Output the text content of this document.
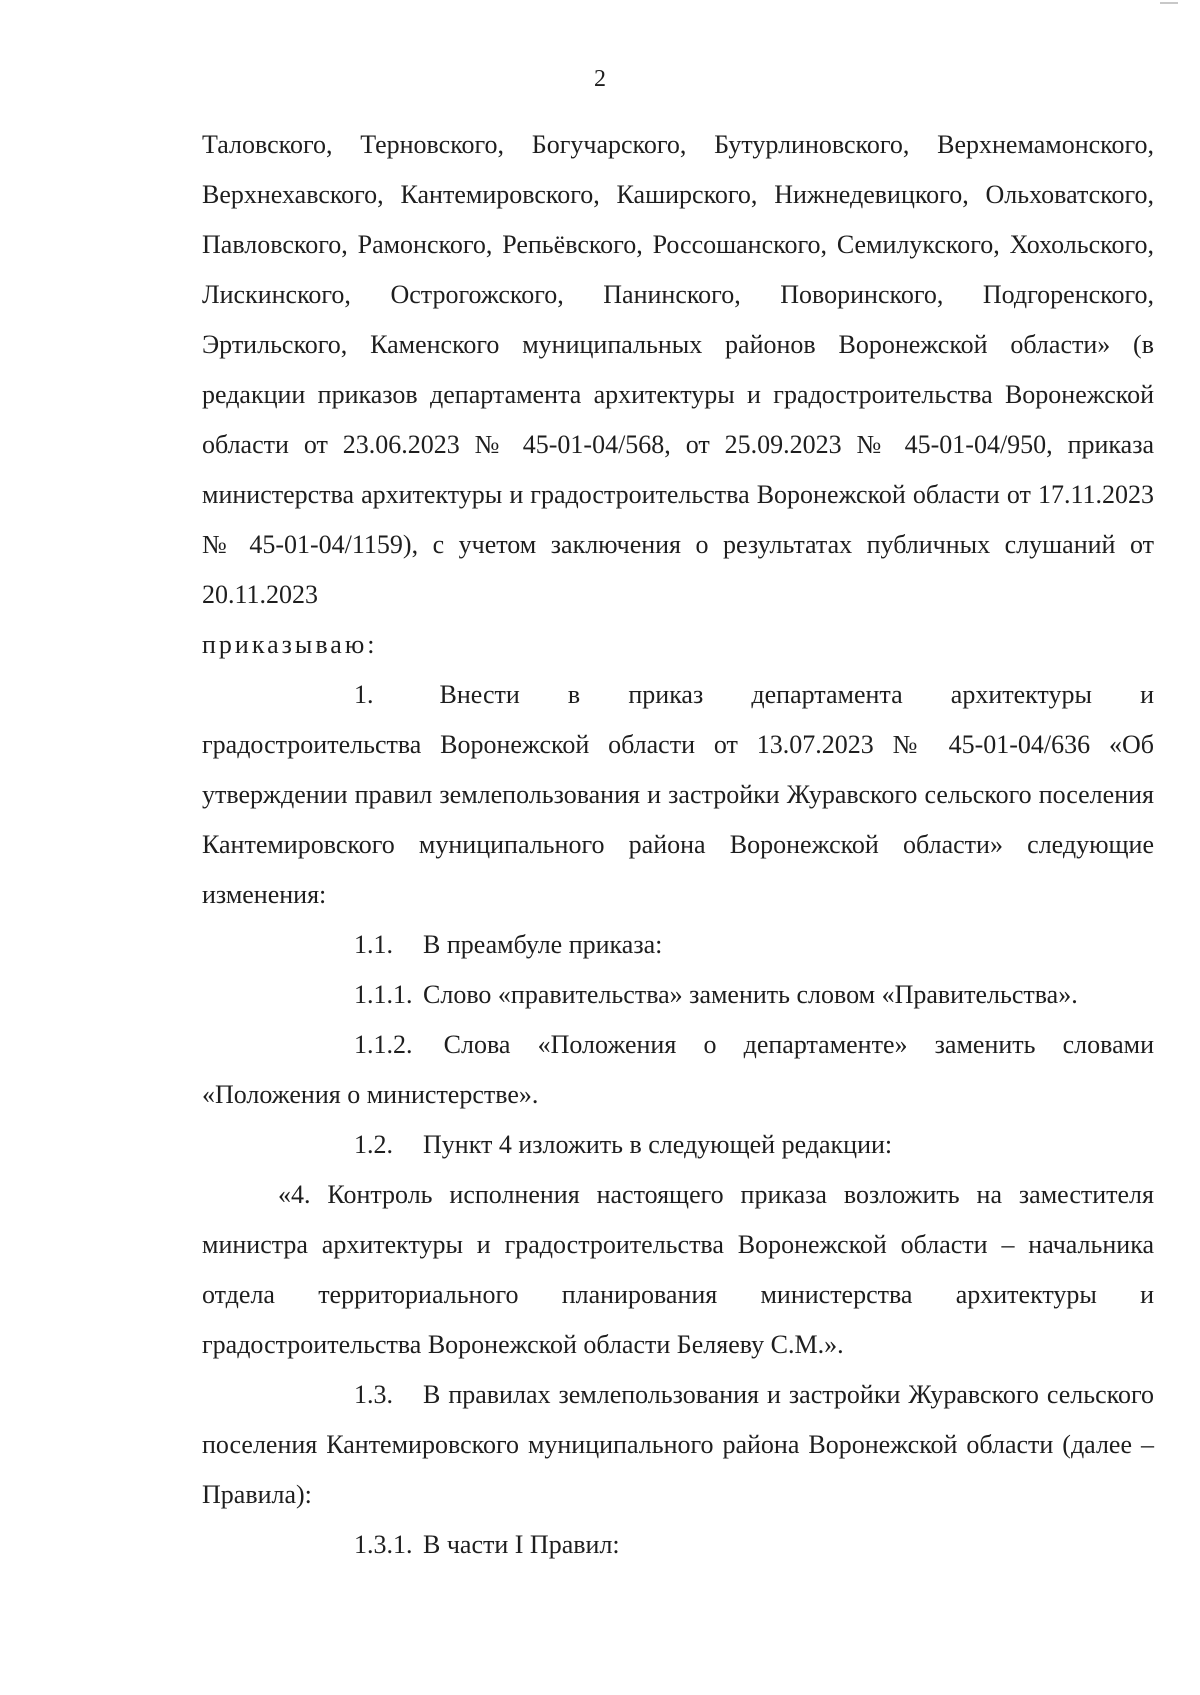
2

Таловского, Терновского, Богучарского, Бутурлиновского, Верхнемамонского, Верхнехавского, Кантемировского, Каширского, Нижнедевицкого, Ольховатского, Павловского, Рамонского, Репьёвского, Россошанского, Семилукского, Хохольского, Лискинского, Острогожского, Панинского, Поворинского, Подгоренского, Эртильского, Каменского муниципальных районов Воронежской области» (в редакции приказов департамента архитектуры и градостроительства Воронежской области от 23.06.2023 № 45-01-04/568, от 25.09.2023 № 45-01-04/950, приказа министерства архитектуры и градостроительства Воронежской области от 17.11.2023 № 45-01-04/1159), с учетом заключения о результатах публичных слушаний от 20.11.2023

приказываю:

1.	Внести в приказ департамента архитектуры и градостроительства Воронежской области от 13.07.2023 № 45-01-04/636 «Об утверждении правил землепользования и застройки Журавского сельского поселения Кантемировского муниципального района Воронежской области» следующие изменения:

1.1. В преамбуле приказа:

1.1.1. Слово «правительства» заменить словом «Правительства».

1.1.2. Слова «Положения о департаменте» заменить словами «Положения о министерстве».

1.2. Пункт 4 изложить в следующей редакции:

«4. Контроль исполнения настоящего приказа возложить на заместителя министра архитектуры и градостроительства Воронежской области – начальника отдела территориального планирования министерства архитектуры и градостроительства Воронежской области Беляеву С.М.».

1.3. В правилах землепользования и застройки Журавского сельского поселения Кантемировского муниципального района Воронежской области (далее – Правила):

1.3.1. В части I Правил:
